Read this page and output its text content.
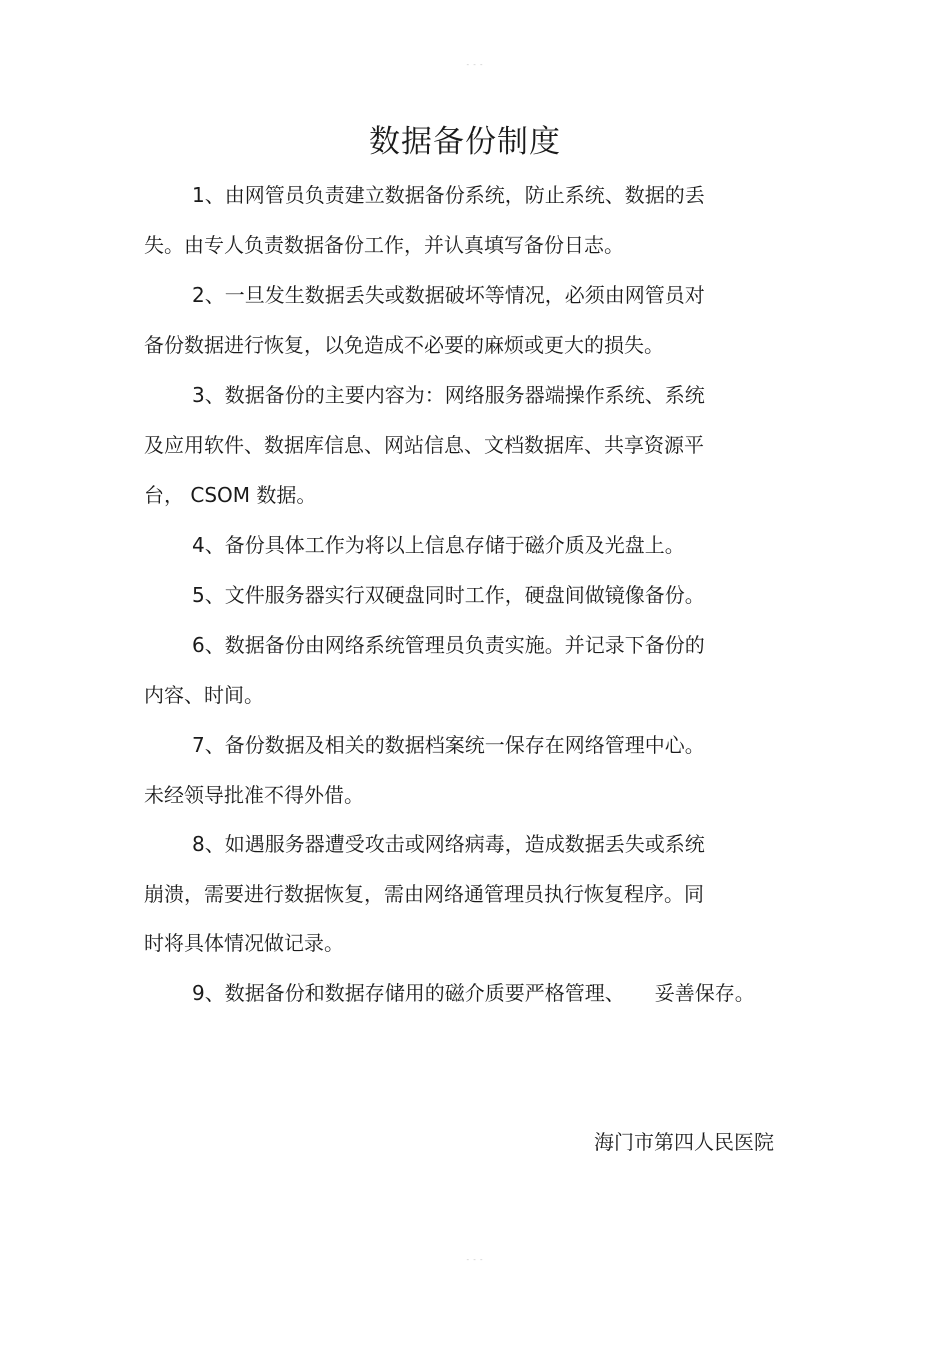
- - -
数据备份制度
1、由网管员负责建立数据备份系统，防止系统、数据的丢
失。由专人负责数据备份工作，并认真填写备份日志。
2、一旦发生数据丢失或数据破坏等情况，必须由网管员对
备份数据进行恢复，以免造成不必要的麻烦或更大的损失。
3、数据备份的主要内容为：网络服务器端操作系统、系统
及应用软件、数据库信息、网站信息、文档数据库、共享资源平
台， CSOM 数据。
4、备份具体工作为将以上信息存储于磁介质及光盘上。
5、文件服务器实行双硬盘同时工作，硬盘间做镜像备份。
6、数据备份由网络系统管理员负责实施。并记录下备份的
内容、时间。
7、备份数据及相关的数据档案统一保存在网络管理中心。
未经领导批准不得外借。
8、如遇服务器遭受攻击或网络病毒，造成数据丢失或系统
崩溃，需要进行数据恢复，需由网络通管理员执行恢复程序。同
时将具体情况做记录。
9、数据备份和数据存储用的磁介质要严格管理、　　妥善保存。
海门市第四人民医院
- - -
